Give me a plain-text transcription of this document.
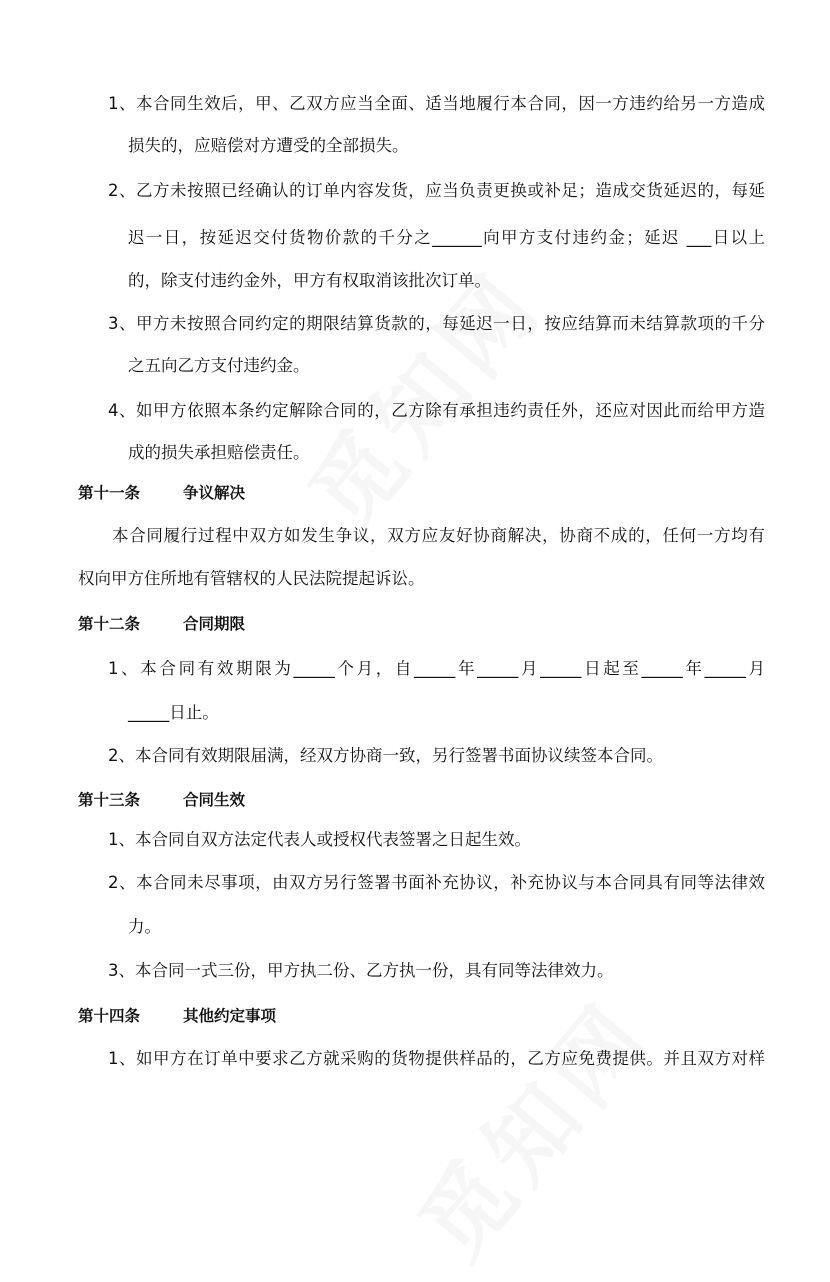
1、本合同生效后，甲、乙双方应当全面、适当地履行本合同，因一方违约给另一方造成
损失的，应赔偿对方遭受的全部损失。
2、乙方未按照已经确认的订单内容发货，应当负责更换或补足；造成交货延迟的，每延
迟一日，按延迟交付货物价款的千分之______向甲方支付违约金；延迟 ___日以上
的，除支付违约金外，甲方有权取消该批次订单。
3、甲方未按照合同约定的期限结算货款的，每延迟一日，按应结算而未结算款项的千分
之五向乙方支付违约金。
4、如甲方依照本条约定解除合同的，乙方除有承担违约责任外，还应对因此而给甲方造
成的损失承担赔偿责任。
第十一条	争议解决
本合同履行过程中双方如发生争议，双方应友好协商解决，协商不成的，任何一方均有
权向甲方住所地有管辖权的人民法院提起诉讼。
第十二条	合同期限
1、本合同有效期限为_____个月，自_____年_____月_____日起至_____年_____月
_____日止。
2、本合同有效期限届满，经双方协商一致，另行签署书面协议续签本合同。
第十三条	合同生效
1、本合同自双方法定代表人或授权代表签署之日起生效。
2、本合同未尽事项，由双方另行签署书面补充协议，补充协议与本合同具有同等法律效
力。
3、本合同一式三份，甲方执二份、乙方执一份，具有同等法律效力。
第十四条	其他约定事项
1、如甲方在订单中要求乙方就采购的货物提供样品的，乙方应免费提供。并且双方对样
